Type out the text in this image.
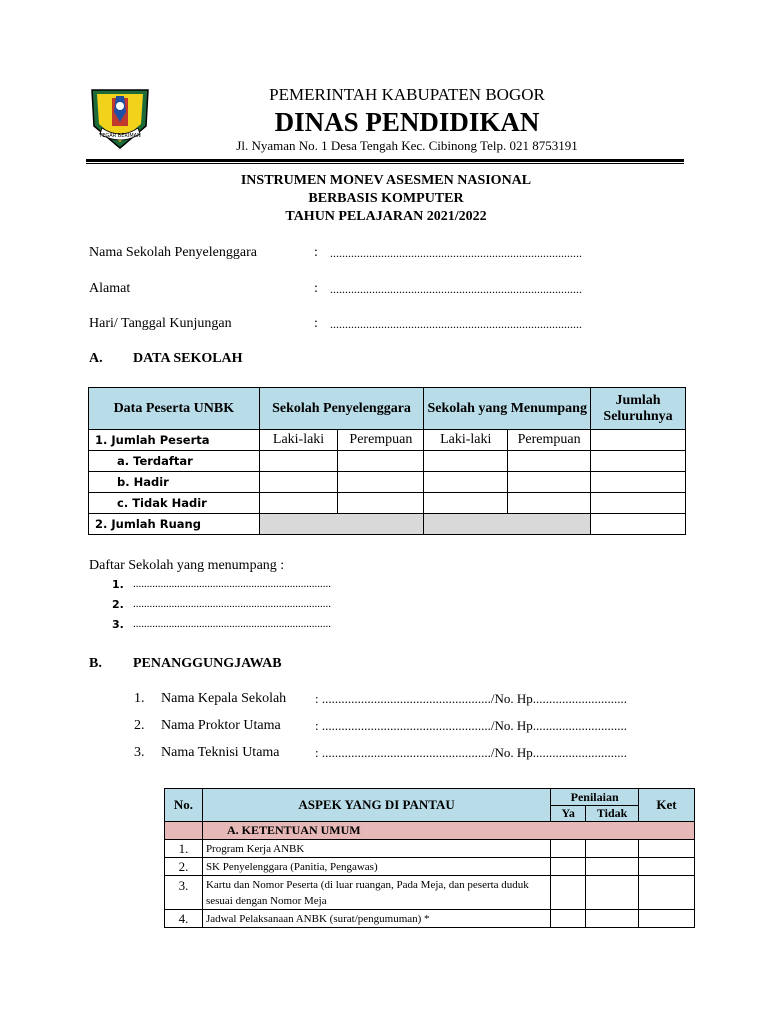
TEGAR BERIMAN
PEMERINTAH KABUPATEN BOGOR
DINAS PENDIDIKAN
Jl. Nyaman No. 1 Desa Tengah Kec. Cibinong Telp. 021 8753191
INSTRUMEN MONEV ASESMEN NASIONAL
BERBASIS KOMPUTER
TAHUN PELAJARAN 2021/2022
Nama Sekolah Penyelenggara	: ....................................................................................
Alamat	: ....................................................................................
Hari/ Tanggal Kunjungan	: ....................................................................................
A. DATA SEKOLAH
Data Peserta UNBK	Sekolah Penyelenggara		Sekolah yang Menumpang		Jumlah Seluruhnya
1. Jumlah Peserta	Laki-laki	Perempuan	Laki-laki	Perempuan	
a. Terdaftar					
b. Hadir					
c. Tidak Hadir					
2. Jumlah Ruang					
Daftar Sekolah yang menumpang :
1. ........................................................................
2. ........................................................................
3. ........................................................................
B. PENANGGUNGJAWAB
1. Nama Kepala Sekolah : ..................................................../No. Hp.............................
2. Nama Proktor Utama	: ..................................................../No. Hp.............................
3. Nama Teknisi Utama	: ..................................................../No. Hp.............................
No.	ASPEK YANG DI PANTAU	Penilaian		Ket
		Ya	Tidak	
	A. KETENTUAN UMUM			
1.	Program Kerja ANBK			
2.	SK Penyelenggara (Panitia, Pengawas)			
3.	Kartu dan Nomor Peserta (di luar ruangan, Pada Meja, dan peserta duduk sesuai dengan Nomor Meja			
4.	Jadwal Pelaksanaan ANBK (surat/pengumuman) *			
